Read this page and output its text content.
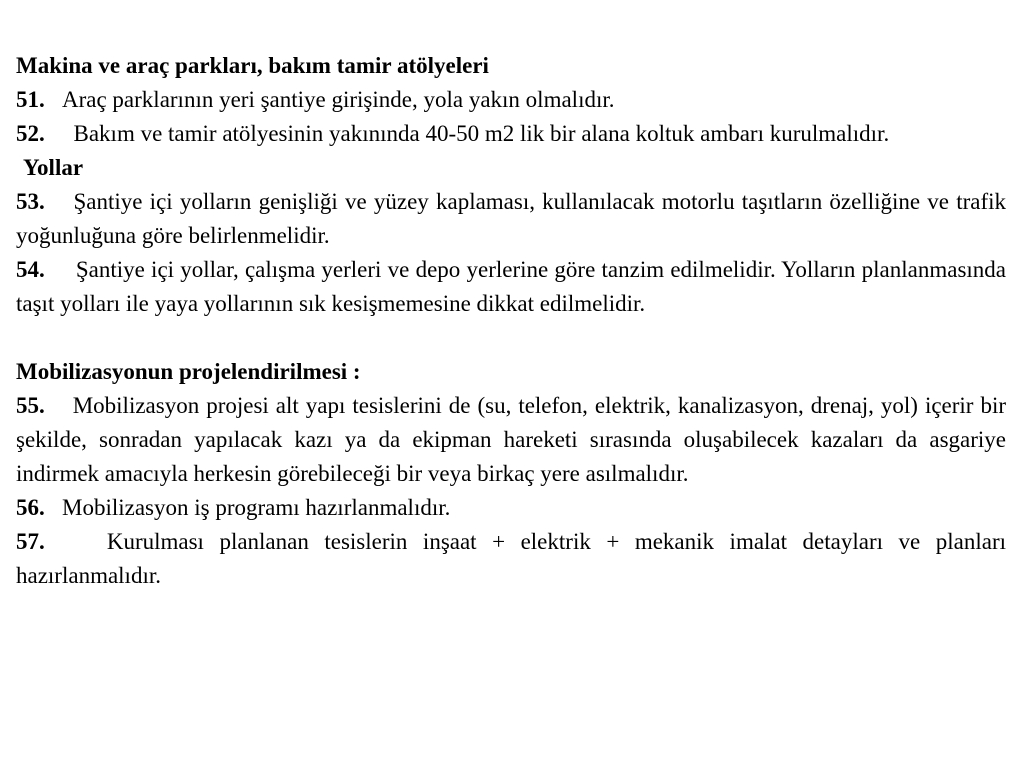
Makina ve araç parkları, bakım tamir atölyeleri

51. Araç parklarının yeri şantiye girişinde, yola yakın olmalıdır.

52. Bakım ve tamir atölyesinin yakınında 40-50 m2 lik bir alana koltuk ambarı kurulmalıdır.

Yollar

53. Şantiye içi yolların genişliği ve yüzey kaplaması, kullanılacak motorlu taşıtların özelliğine ve trafik yoğunluğuna göre belirlenmelidir.

54. Şantiye içi yollar, çalışma yerleri ve depo yerlerine göre tanzim edilmelidir. Yolların planlanmasında taşıt yolları ile yaya yollarının sık kesişmemesine dikkat edilmelidir.

Mobilizasyonun projelendirilmesi :

55. Mobilizasyon projesi alt yapı tesislerini de (su, telefon, elektrik, kanalizasyon, drenaj, yol) içerir bir şekilde, sonradan yapılacak kazı ya da ekipman hareketi sırasında oluşabilecek kazaları da asgariye indirmek amacıyla herkesin görebileceği bir veya birkaç yere asılmalıdır.

56. Mobilizasyon iş programı hazırlanmalıdır.

57.	Kurulması planlanan tesislerin inşaat + elektrik + mekanik imalat detayları ve planları hazırlanmalıdır.
